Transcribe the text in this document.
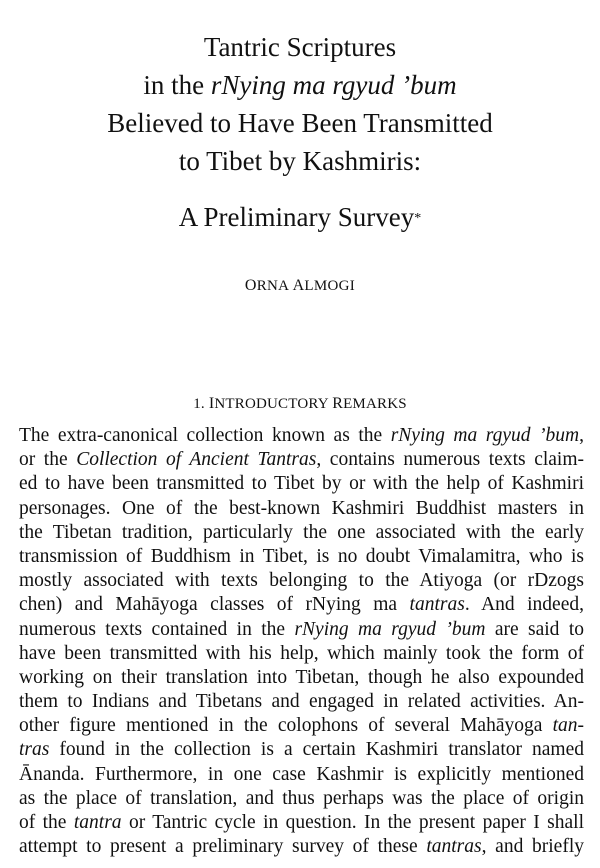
Tantric Scriptures
in the rNying ma rgyud ’bum
Believed to Have Been Transmitted
to Tibet by Kashmiris:
A Preliminary Survey*
ORNA ALMOGI
1. INTRODUCTORY REMARKS
The extra-canonical collection known as the rNying ma rgyud ’bum,
or the Collection of Ancient Tantras, contains numerous texts claim-
ed to have been transmitted to Tibet by or with the help of Kashmiri
personages. One of the best-known Kashmiri Buddhist masters in
the Tibetan tradition, particularly the one associated with the early
transmission of Buddhism in Tibet, is no doubt Vimalamitra, who is
mostly associated with texts belonging to the Atiyoga (or rDzogs
chen) and Mahāyoga classes of rNying ma tantras. And indeed,
numerous texts contained in the rNying ma rgyud ’bum are said to
have been transmitted with his help, which mainly took the form of
working on their translation into Tibetan, though he also expounded
them to Indians and Tibetans and engaged in related activities. An-
other figure mentioned in the colophons of several Mahāyoga tan-
tras found in the collection is a certain Kashmiri translator named
Ānanda. Furthermore, in one case Kashmir is explicitly mentioned
as the place of translation, and thus perhaps was the place of origin
of the tantra or Tantric cycle in question. In the present paper I shall
attempt to present a preliminary survey of these tantras, and briefly
